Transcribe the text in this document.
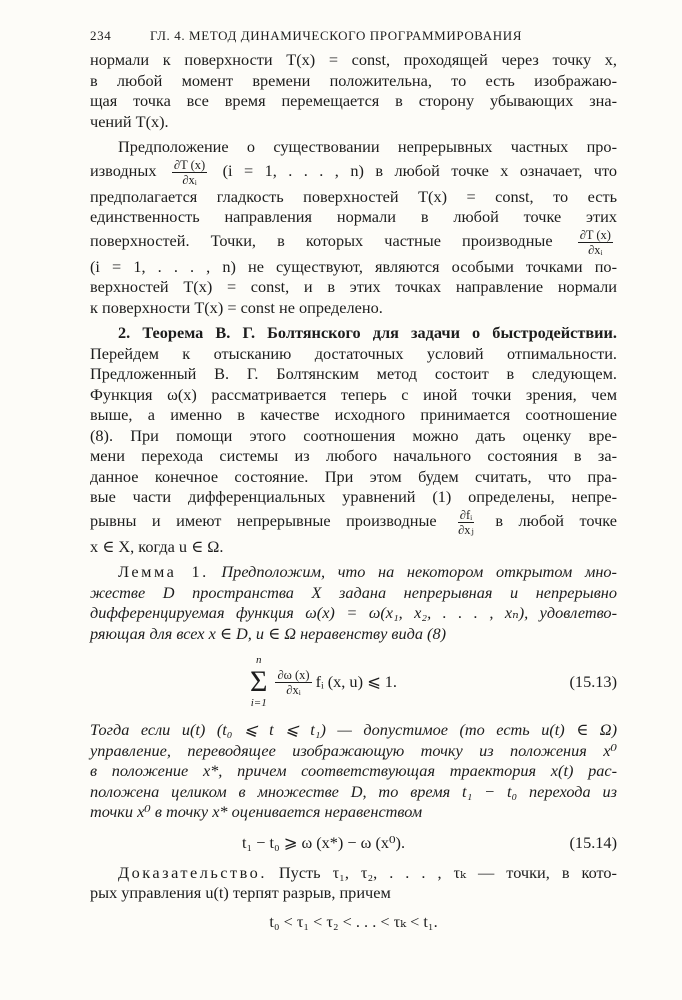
234	ГЛ. 4. МЕТОД ДИНАМИЧЕСКОГО ПРОГРАММИРОВАНИЯ

нормали к поверхности T(x) = const, проходящей через точку x,
в любой момент времени положительна, то есть изображаю-
щая точка все время перемещается в сторону убывающих зна-
чений T(x).

Предположение о существовании непрерывных частных про-
изводных $\frac{\partial T (x)}{\text{∂xᵢ}} (i = 1$, . . . , n) в любой точке x означает, что
предполагается гладкость поверхностей T(x) = const, то есть
единственность направления нормали в любой точке этих
поверхностей. Точки, в которых частные производные $\frac{\partial T (x)}{\text{∂xᵢ}}$
(i = 1, . . . , n) не существуют, являются особыми точками по-
верхностей T(x) = const, и в этих точках направление нормали
к поверхности T(x) = const не определено.

2. Теорема В. Г. Болтянского для задачи о быстродействии.
Перейдем к отысканию достаточных условий отпимальности.
Предложенный В. Г. Болтянским метод состоит в следующем.
Функция ω(x) рассматривается теперь с иной точки зрения, чем
выше, а именно в качестве исходного принимается соотношение
(8). При помощи этого соотношения можно дать оценку вре-
мени перехода системы из любого начального состояния в за-
данное конечное состояние. При этом будем считать, что пра-
вые части дифференциальных уравнений (1) определены, непре-
рывны и имеют непрерывные производные $\frac{\text{∂fᵢ}}{\text{∂xⱼ}}$ в любой точке
x ∈ X, когда u ∈ Ω.

Лемма 1. Предположим, что на некотором открытом мно-
жестве D пространства X задана непрерывная и непрерывно
дифференцируемая функция ω(x) = ω(x₁, x₂, . . . , xₙ), удовлетво-
ряющая для всех x ∈ D, u ∈ Ω неравенству вида (8)

n
Σ
i=1
$\frac{\partial\omega (x)}{\text{∂xᵢ}}$ fᵢ (x, u) ⩽ 1.	(15.13)

Тогда если u(t) (t₀ ⩽ t ⩽ t₁) — допустимое (то есть u(t) ∈ Ω)
управление, переводящее изображающую точку из положения x⁰
в положение x*, причем соответствующая траектория x(t) рас-
положена целиком в множестве D, то время t₁ − t₀ перехода из
точки x⁰ в точку x* оценивается неравенством

t₁ − t₀ ⩾ ω (x*) − ω (x⁰).	(15.14)

Доказательство. Пусть τ₁, τ₂, . . . , τₖ — точки, в кото-
рых управления u(t) терпят разрыв, причем

t₀ < τ₁ < τ₂ < . . . < τₖ < t₁.
